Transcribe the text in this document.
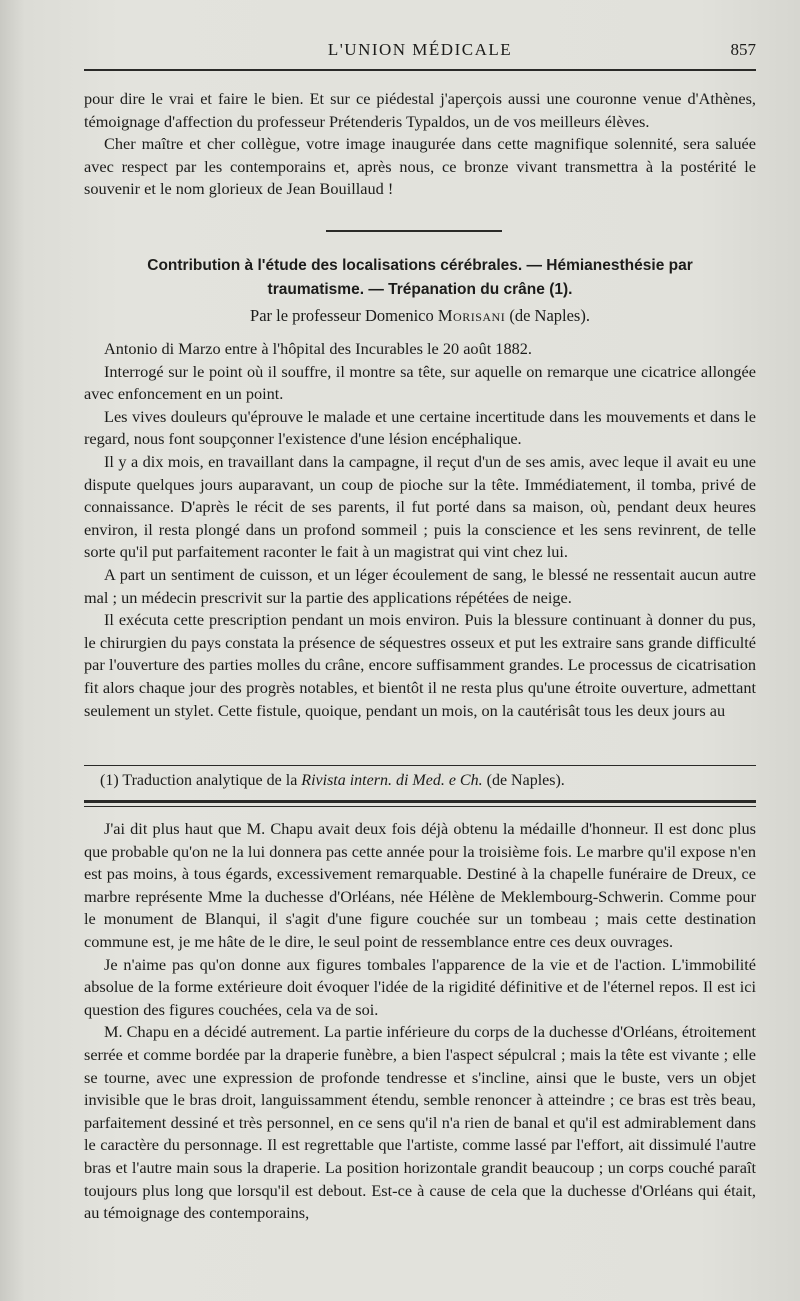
L'UNION MÉDICALE	857

pour dire le vrai et faire le bien. Et sur ce piédestal j'aperçois aussi une couronne venue d'Athènes, témoignage d'affection du professeur Prétenderis Typaldos, un de vos meilleurs élèves.

Cher maître et cher collègue, votre image inaugurée dans cette magnifique solennité, sera saluée avec respect par les contemporains et, après nous, ce bronze vivant transmettra à la postérité le souvenir et le nom glorieux de Jean Bouillaud !

Contribution à l'étude des localisations cérébrales. — Hémianesthésie par
traumatisme. — Trépanation du crâne (1).
Par le professeur Domenico Morisani (de Naples).

Antonio di Marzo entre à l'hôpital des Incurables le 20 août 1882.

Interrogé sur le point où il souffre, il montre sa tête, sur aquelle on remarque une cicatrice allongée avec enfoncement en un point.

Les vives douleurs qu'éprouve le malade et une certaine incertitude dans les mouvements et dans le regard, nous font soupçonner l'existence d'une lésion encéphalique.

Il y a dix mois, en travaillant dans la campagne, il reçut d'un de ses amis, avec leque il avait eu une dispute quelques jours auparavant, un coup de pioche sur la tête. Immédiatement, il tomba, privé de connaissance. D'après le récit de ses parents, il fut porté dans sa maison, où, pendant deux heures environ, il resta plongé dans un profond sommeil ; puis la conscience et les sens revinrent, de telle sorte qu'il put parfaitement raconter le fait à un magistrat qui vint chez lui.

A part un sentiment de cuisson, et un léger écoulement de sang, le blessé ne ressentait aucun autre mal ; un médecin prescrivit sur la partie des applications répétées de neige.

Il exécuta cette prescription pendant un mois environ. Puis la blessure continuant à donner du pus, le chirurgien du pays constata la présence de séquestres osseux et put les extraire sans grande difficulté par l'ouverture des parties molles du crâne, encore suffisamment grandes. Le processus de cicatrisation fit alors chaque jour des progrès notables, et bientôt il ne resta plus qu'une étroite ouverture, admettant seulement un stylet. Cette fistule, quoique, pendant un mois, on la cautérisât tous les deux jours au

(1) Traduction analytique de la Rivista intern. di Med. e Ch. (de Naples).

J'ai dit plus haut que M. Chapu avait deux fois déjà obtenu la médaille d'honneur. Il est donc plus que probable qu'on ne la lui donnera pas cette année pour la troisième fois. Le marbre qu'il expose n'en est pas moins, à tous égards, excessivement remarquable. Destiné à la chapelle funéraire de Dreux, ce marbre représente Mme la duchesse d'Orléans, née Hélène de Meklembourg-Schwerin. Comme pour le monument de Blanqui, il s'agit d'une figure couchée sur un tombeau ; mais cette destination commune est, je me hâte de le dire, le seul point de ressemblance entre ces deux ouvrages.

Je n'aime pas qu'on donne aux figures tombales l'apparence de la vie et de l'action. L'immobilité absolue de la forme extérieure doit évoquer l'idée de la rigidité définitive et de l'éternel repos. Il est ici question des figures couchées, cela va de soi.

M. Chapu en a décidé autrement. La partie inférieure du corps de la duchesse d'Orléans, étroitement serrée et comme bordée par la draperie funèbre, a bien l'aspect sépulcral ; mais la tête est vivante ; elle se tourne, avec une expression de profonde tendresse et s'incline, ainsi que le buste, vers un objet invisible que le bras droit, languissamment étendu, semble renoncer à atteindre ; ce bras est très beau, parfaitement dessiné et très personnel, en ce sens qu'il n'a rien de banal et qu'il est admirablement dans le caractère du personnage. Il est regrettable que l'artiste, comme lassé par l'effort, ait dissimulé l'autre bras et l'autre main sous la draperie. La position horizontale grandit beaucoup ; un corps couché paraît toujours plus long que lorsqu'il est debout. Est-ce à cause de cela que la duchesse d'Orléans qui était, au témoignage des contemporains,
